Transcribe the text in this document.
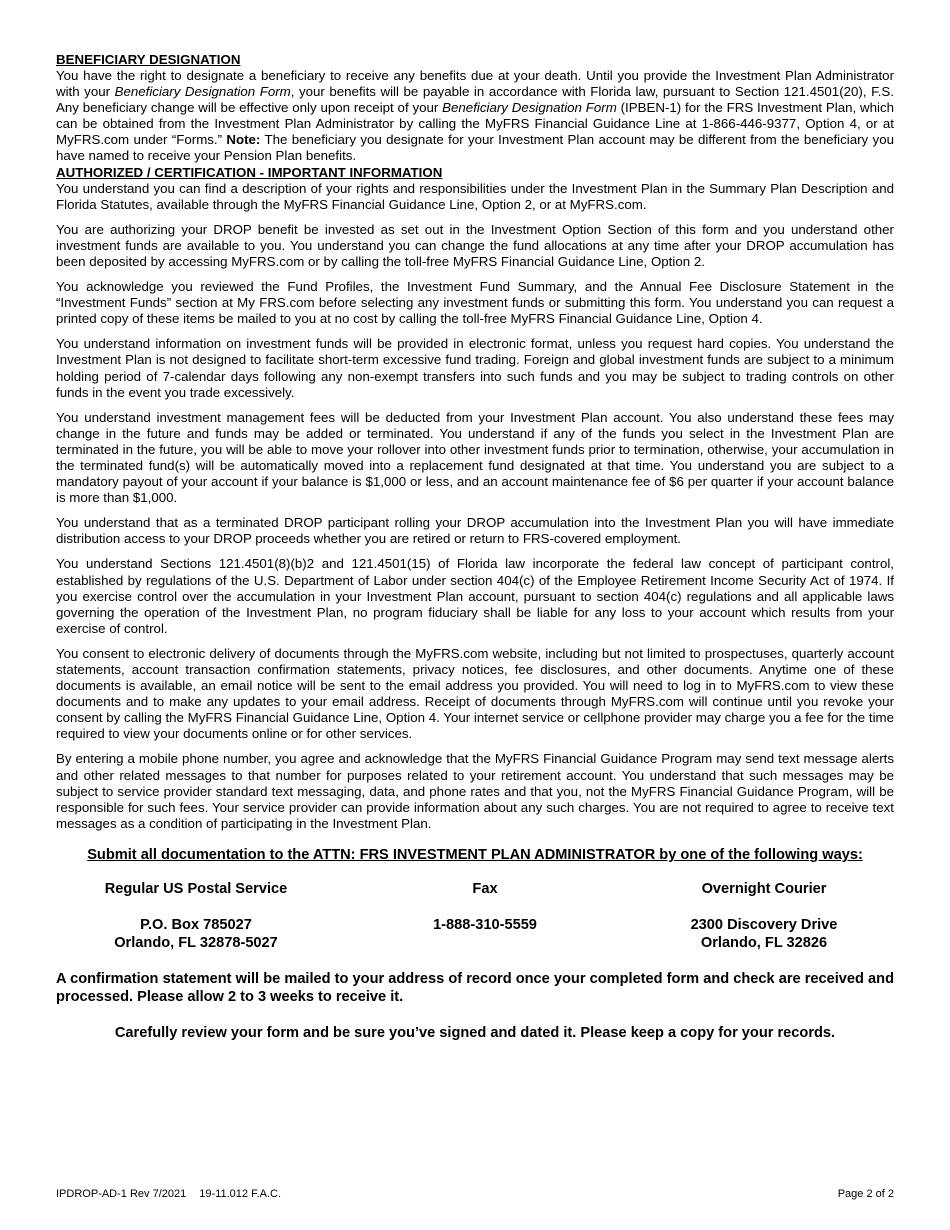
BENEFICIARY DESIGNATION

You have the right to designate a beneficiary to receive any benefits due at your death. Until you provide the Investment Plan Administrator with your Beneficiary Designation Form, your benefits will be payable in accordance with Florida law, pursuant to Section 121.4501(20), F.S. Any beneficiary change will be effective only upon receipt of your Beneficiary Designation Form (IPBEN-1) for the FRS Investment Plan, which can be obtained from the Investment Plan Administrator by calling the MyFRS Financial Guidance Line at 1-866-446-9377, Option 4, or at MyFRS.com under “Forms.” Note: The beneficiary you designate for your Investment Plan account may be different from the beneficiary you have named to receive your Pension Plan benefits.

AUTHORIZED / CERTIFICATION - IMPORTANT INFORMATION

You understand you can find a description of your rights and responsibilities under the Investment Plan in the Summary Plan Description and Florida Statutes, available through the MyFRS Financial Guidance Line, Option 2, or at MyFRS.com.

You are authorizing your DROP benefit be invested as set out in the Investment Option Section of this form and you understand other investment funds are available to you. You understand you can change the fund allocations at any time after your DROP accumulation has been deposited by accessing MyFRS.com or by calling the toll-free MyFRS Financial Guidance Line, Option 2.

You acknowledge you reviewed the Fund Profiles, the Investment Fund Summary, and the Annual Fee Disclosure Statement in the “Investment Funds” section at My FRS.com before selecting any investment funds or submitting this form. You understand you can request a printed copy of these items be mailed to you at no cost by calling the toll-free MyFRS Financial Guidance Line, Option 4.

You understand information on investment funds will be provided in electronic format, unless you request hard copies. You understand the Investment Plan is not designed to facilitate short-term excessive fund trading. Foreign and global investment funds are subject to a minimum holding period of 7-calendar days following any non-exempt transfers into such funds and you may be subject to trading controls on other funds in the event you trade excessively.

You understand investment management fees will be deducted from your Investment Plan account. You also understand these fees may change in the future and funds may be added or terminated. You understand if any of the funds you select in the Investment Plan are terminated in the future, you will be able to move your rollover into other investment funds prior to termination, otherwise, your accumulation in the terminated fund(s) will be automatically moved into a replacement fund designated at that time. You understand you are subject to a mandatory payout of your account if your balance is $1,000 or less, and an account maintenance fee of $6 per quarter if your account balance is more than $1,000.

You understand that as a terminated DROP participant rolling your DROP accumulation into the Investment Plan you will have immediate distribution access to your DROP proceeds whether you are retired or return to FRS-covered employment.

You understand Sections 121.4501(8)(b)2 and 121.4501(15) of Florida law incorporate the federal law concept of participant control, established by regulations of the U.S. Department of Labor under section 404(c) of the Employee Retirement Income Security Act of 1974. If you exercise control over the accumulation in your Investment Plan account, pursuant to section 404(c) regulations and all applicable laws governing the operation of the Investment Plan, no program fiduciary shall be liable for any loss to your account which results from your exercise of control.

You consent to electronic delivery of documents through the MyFRS.com website, including but not limited to prospectuses, quarterly account statements, account transaction confirmation statements, privacy notices, fee disclosures, and other documents. Anytime one of these documents is available, an email notice will be sent to the email address you provided. You will need to log in to MyFRS.com to view these documents and to make any updates to your email address. Receipt of documents through MyFRS.com will continue until you revoke your consent by calling the MyFRS Financial Guidance Line, Option 4. Your internet service or cellphone provider may charge you a fee for the time required to view your documents online or for other services.

By entering a mobile phone number, you agree and acknowledge that the MyFRS Financial Guidance Program may send text message alerts and other related messages to that number for purposes related to your retirement account. You understand that such messages may be subject to service provider standard text messaging, data, and phone rates and that you, not the MyFRS Financial Guidance Program, will be responsible for such fees. Your service provider can provide information about any such charges. You are not required to agree to receive text messages as a condition of participating in the Investment Plan.

Submit all documentation to the ATTN: FRS INVESTMENT PLAN ADMINISTRATOR by one of the following ways:
Regular US Postal Service
P.O. Box 785027
Orlando, FL 32878-5027
Fax
1-888-310-5559
Overnight Courier
2300 Discovery Drive
Orlando, FL 32826
A confirmation statement will be mailed to your address of record once your completed form and check are received and processed. Please allow 2 to 3 weeks to receive it.
Carefully review your form and be sure you’ve signed and dated it. Please keep a copy for your records.
IPDROP-AD-1 Rev 7/2021 19-11.012 F.A.C.	Page 2 of 2
